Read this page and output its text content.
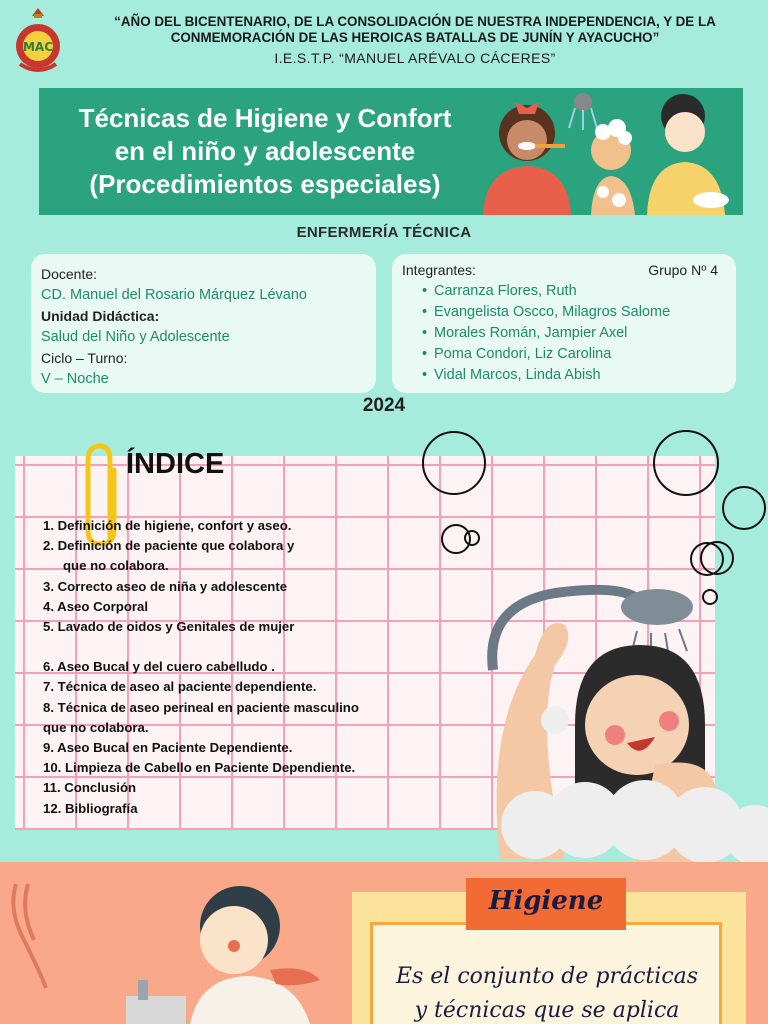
MAC
“AÑO DEL BICENTENARIO, DE LA CONSOLIDACIÓN DE NUESTRA INDEPENDENCIA, Y DE LA CONMEMORACIÓN DE LAS HEROICAS BATALLAS DE JUNÍN Y AYACUCHO”
I.E.S.T.P. “MANUEL ARÉVALO CÁCERES”
Técnicas de Higiene y Confort
en el niño y adolescente
(Procedimientos especiales)
ENFERMERÍA TÉCNICA
Docente:
CD. Manuel del Rosario Márquez Lévano
Unidad Didáctica:
Salud del Niño y Adolescente
Ciclo – Turno:
V – Noche
Integrantes:	Grupo Nº 4
• Carranza Flores, Ruth
• Evangelista Oscco, Milagros Salome
• Morales Román, Jampier Axel
• Poma Condori, Liz Carolina
• Vidal Marcos, Linda Abish
2024
ÍNDICE
1. Definición de higiene, confort y aseo.
2. Definición de paciente que colabora y
que no colabora.
3. Correcto aseo de niña y adolescente
4. Aseo Corporal
5. Lavado de oidos y Genitales de mujer
6. Aseo Bucal y del cuero cabelludo .
7. Técnica de aseo al paciente dependiente.
8. Técnica de aseo perineal en paciente masculino
que no colabora.
9. Aseo Bucal en Paciente Dependiente.
10. Limpieza de Cabello en Paciente Dependiente.
11. Conclusión
12. Bibliografía
Higiene
Es el conjunto de prácticas
y técnicas que se aplica
